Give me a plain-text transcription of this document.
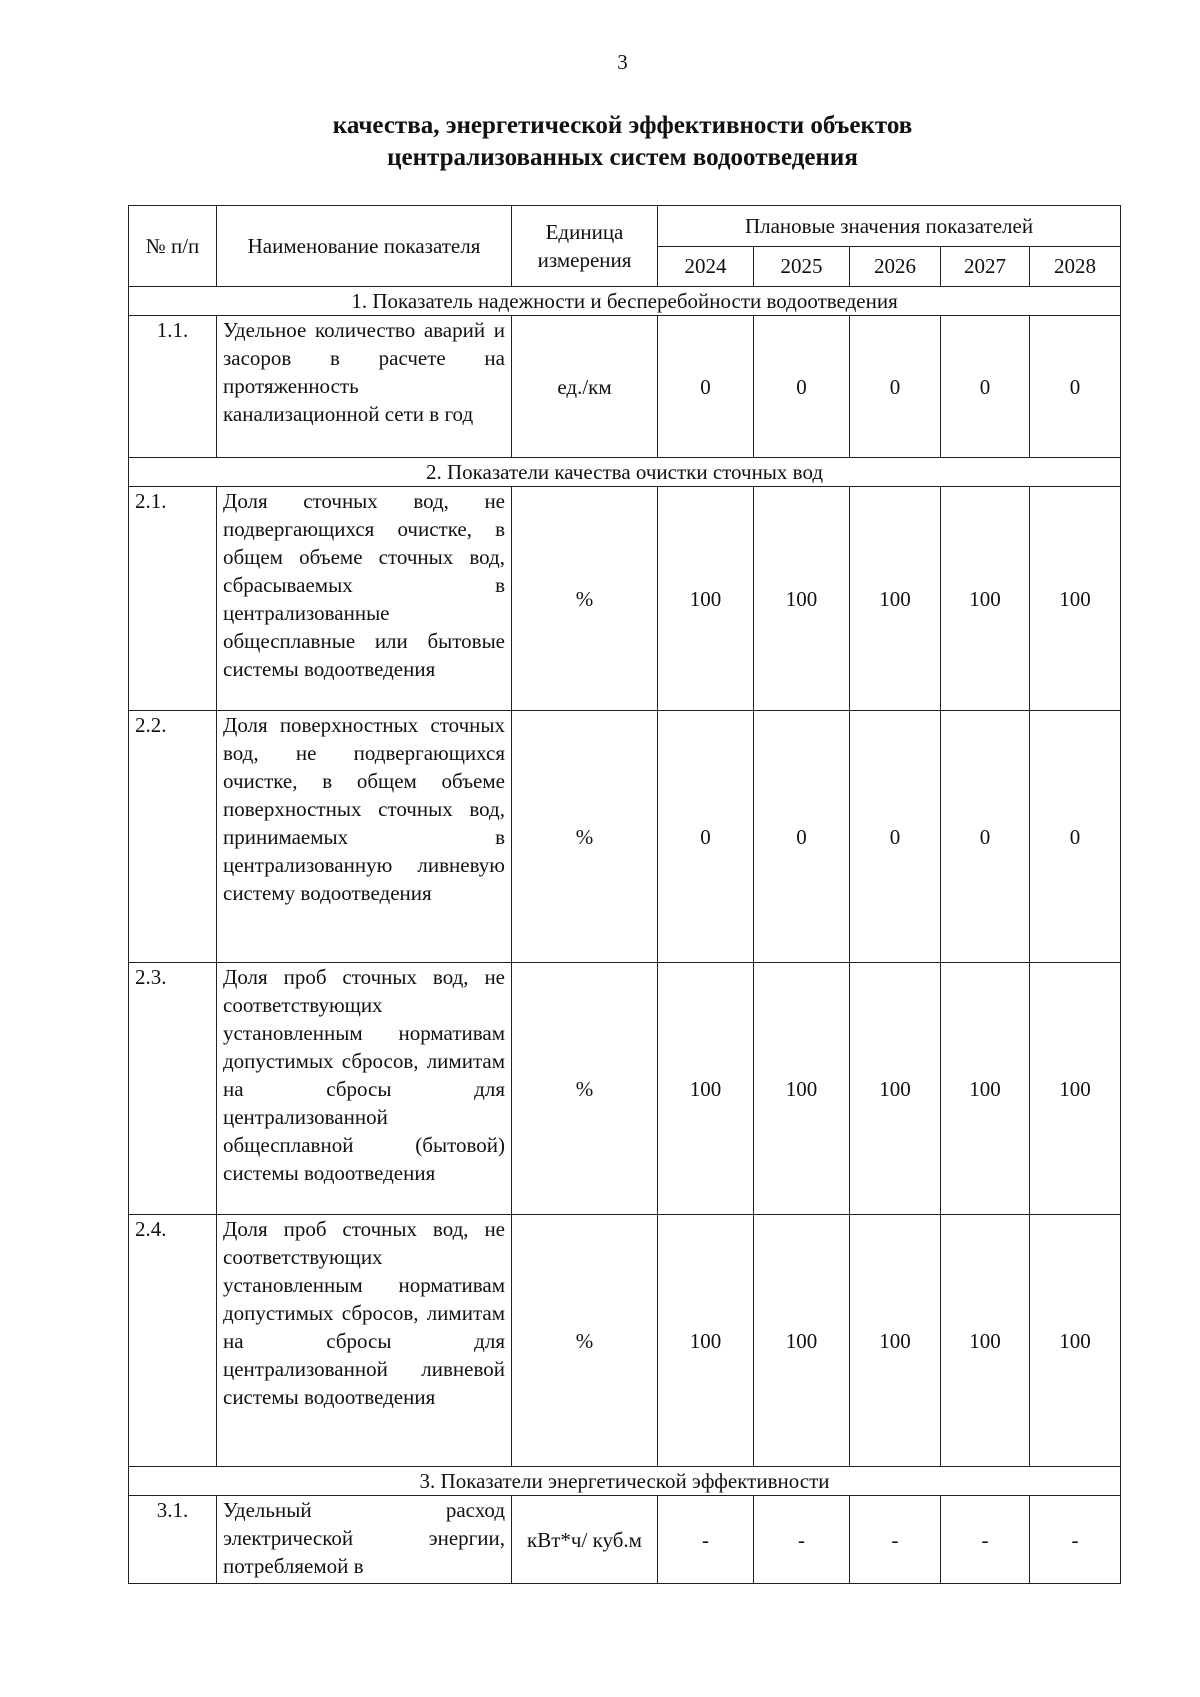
3
качества, энергетической эффективности объектов
централизованных систем водоотведения
№ п/п	Наименование показателя	Единица измерения	Плановые значения показателей				
			2024	2025	2026	2027	2028
1. Показатель надежности и бесперебойности водоотведения							
1.1.	Удельное количество аварий и засоров в расчете на протяженность канализационной сети в год	ед./км	0	0	0	0	0
2. Показатели качества очистки сточных вод							
2.1.	Доля сточных вод, не подвергающихся очистке, в общем объеме сточных вод, сбрасываемых в централизованные общесплавные или бытовые системы водоотведения	%	100	100	100	100	100
2.2.	Доля поверхностных сточных вод, не подвергающихся очистке, в общем объеме поверхностных сточных вод, принимаемых в централизованную ливневую систему водоотведения	%	0	0	0	0	0
2.3.	Доля проб сточных вод, не соответствующих установленным нормативам допустимых сбросов, лимитам на сбросы для централизованной общесплавной (бытовой) системы водоотведения	%	100	100	100	100	100
2.4.	Доля проб сточных вод, не соответствующих установленным нормативам допустимых сбросов, лимитам на сбросы для централизованной ливневой системы водоотведения	%	100	100	100	100	100
3. Показатели энергетической эффективности							
3.1.	Удельный расход электрической энергии, потребляемой в	кВт*ч/ куб.м	-	-	-	-	-
